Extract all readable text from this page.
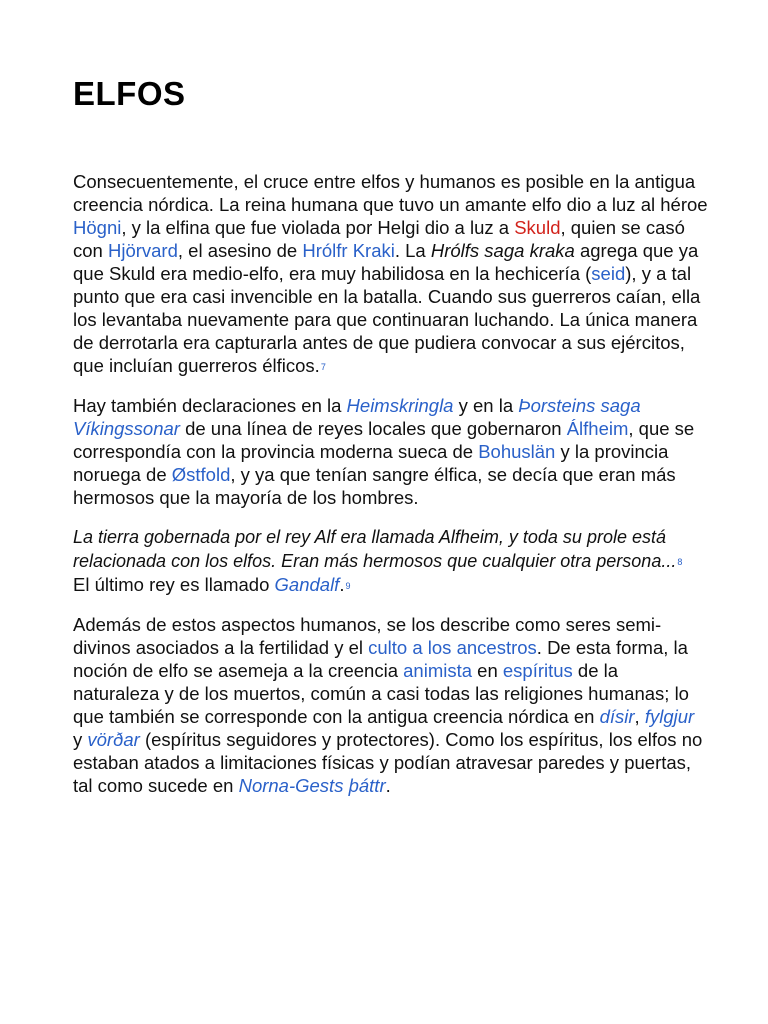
ELFOS

Consecuentemente, el cruce entre elfos y humanos es posible en la antigua creencia nórdica. La reina humana que tuvo un amante elfo dio a luz al héroe Högni, y la elfina que fue violada por Helgi dio a luz a Skuld, quien se casó con Hjörvard, el asesino de Hrólfr Kraki. La Hrólfs saga kraka agrega que ya que Skuld era medio-elfo, era muy habilidosa en la hechicería (seid), y a tal punto que era casi invencible en la batalla. Cuando sus guerreros caían, ella los levantaba nuevamente para que continuaran luchando. La única manera de derrotarla era capturarla antes de que pudiera convocar a sus ejércitos, que incluían guerreros élficos.$^7$

Hay también declaraciones en la Heimskringla y en la Þorsteins saga Víkingssonar de una línea de reyes locales que gobernaron Álfheim, que se correspondía con la provincia moderna sueca de Bohuslän y la provincia noruega de Østfold, y ya que tenían sangre élfica, se decía que eran más hermosos que la mayoría de los hombres.

La tierra gobernada por el rey Alf era llamada Alfheim, y toda su prole está relacionada con los elfos. Eran más hermosos que cualquier otra persona...$^8$

El último rey es llamado Gandalf.$^9$

Además de estos aspectos humanos, se los describe como seres semi-divinos asociados a la fertilidad y el culto a los ancestros. De esta forma, la noción de elfo se asemeja a la creencia animista en espíritus de la naturaleza y de los muertos, común a casi todas las religiones humanas; lo que también se corresponde con la antigua creencia nórdica en dísir, fylgjur y vörðar (espíritus seguidores y protectores). Como los espíritus, los elfos no estaban atados a limitaciones físicas y podían atravesar paredes y puertas, tal como sucede en Norna-Gests þáttr.
